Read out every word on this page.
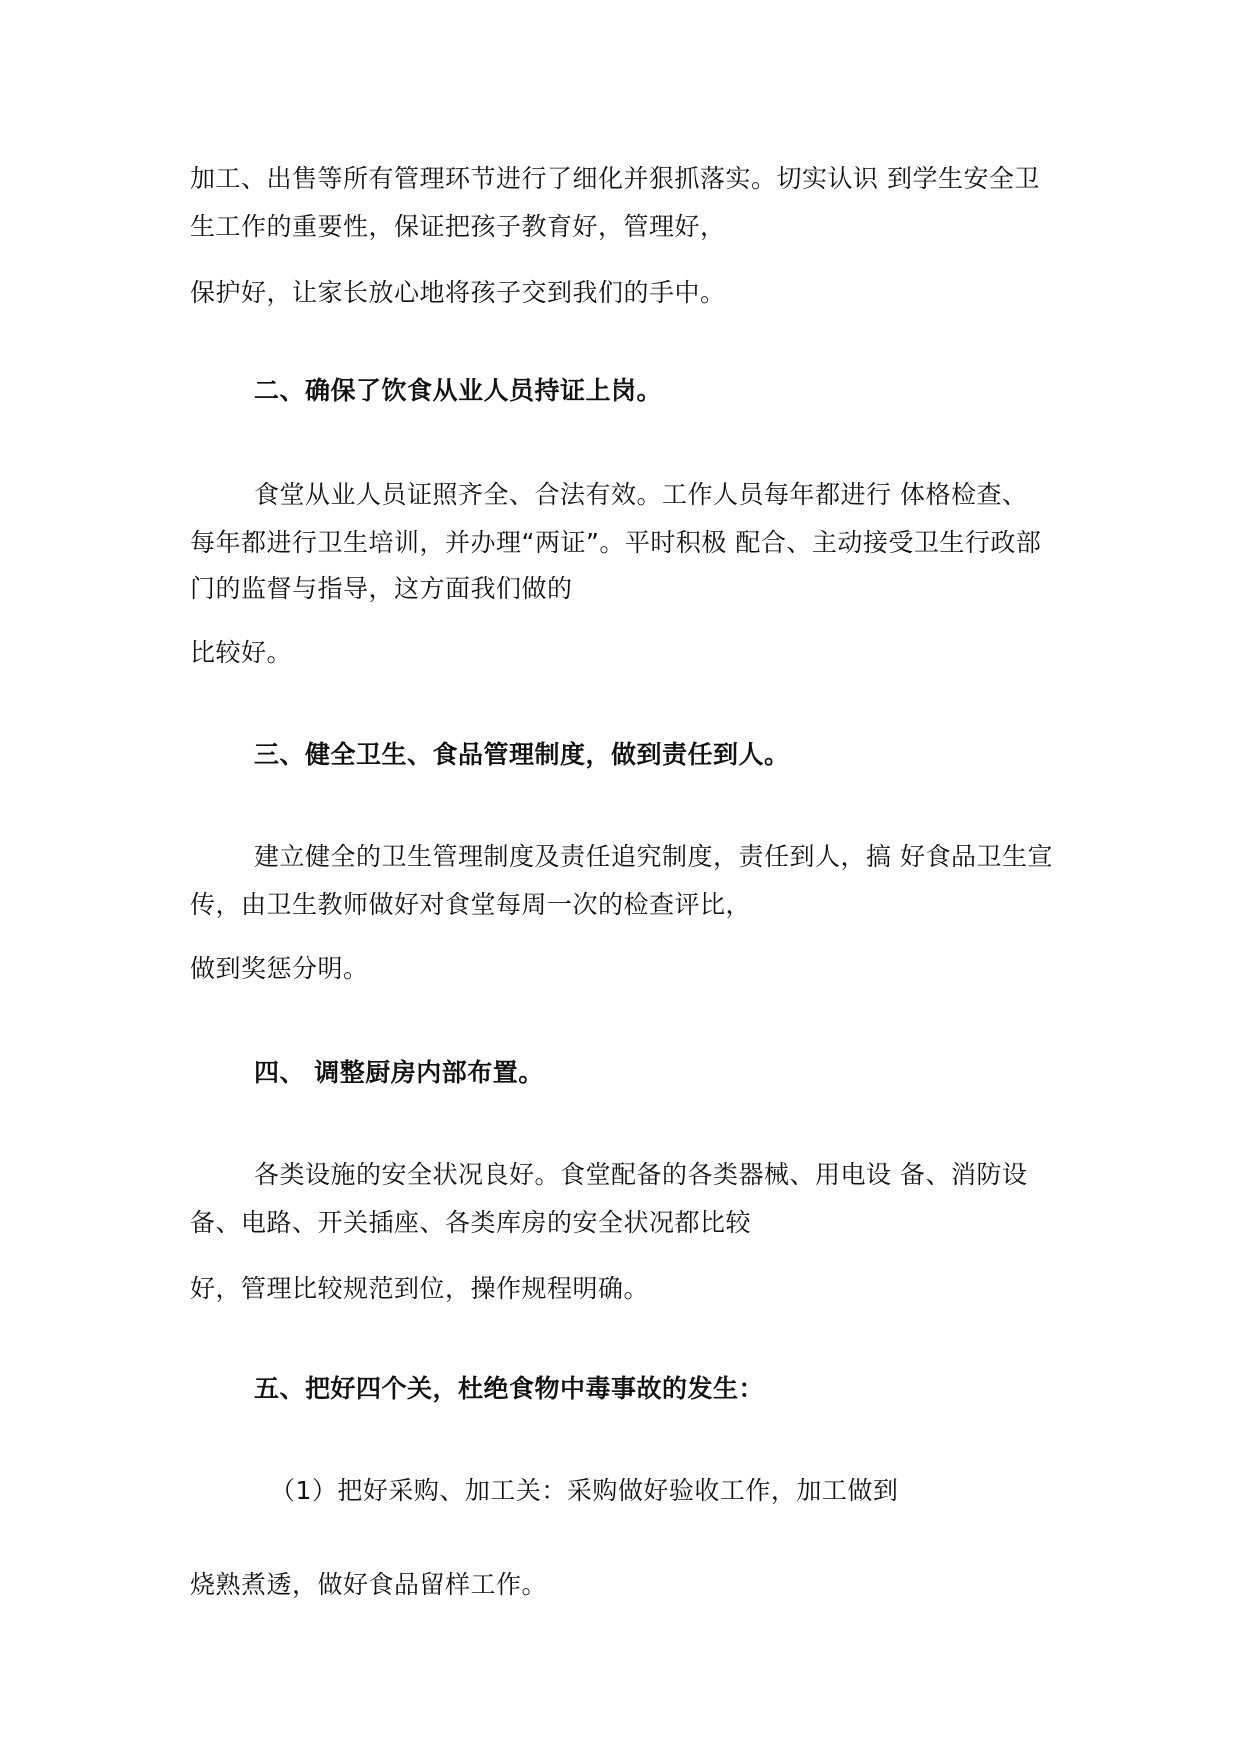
加工、出售等所有管理环节进行了细化并狠抓落实。切实认识 到学生安全卫
生工作的重要性，保证把孩子教育好，管理好，
保护好，让家长放心地将孩子交到我们的手中。
二、确保了饮食从业人员持证上岗。
食堂从业人员证照齐全、合法有效。工作人员每年都进行 体格检查、
每年都进行卫生培训，并办理“两证”。平时积极 配合、主动接受卫生行政部
门的监督与指导，这方面我们做的
比较好。
三、健全卫生、食品管理制度，做到责任到人。
建立健全的卫生管理制度及责任追究制度，责任到人，搞 好食品卫生宣
传，由卫生教师做好对食堂每周一次的检查评比，
做到奖惩分明。
四、 调整厨房内部布置。
各类设施的安全状况良好。食堂配备的各类器械、用电设 备、消防设
备、电路、开关插座、各类库房的安全状况都比较
好，管理比较规范到位，操作规程明确。
五、把好四个关，杜绝食物中毒事故的发生：
（1）把好采购、加工关：采购做好验收工作，加工做到
烧熟煮透，做好食品留样工作。
